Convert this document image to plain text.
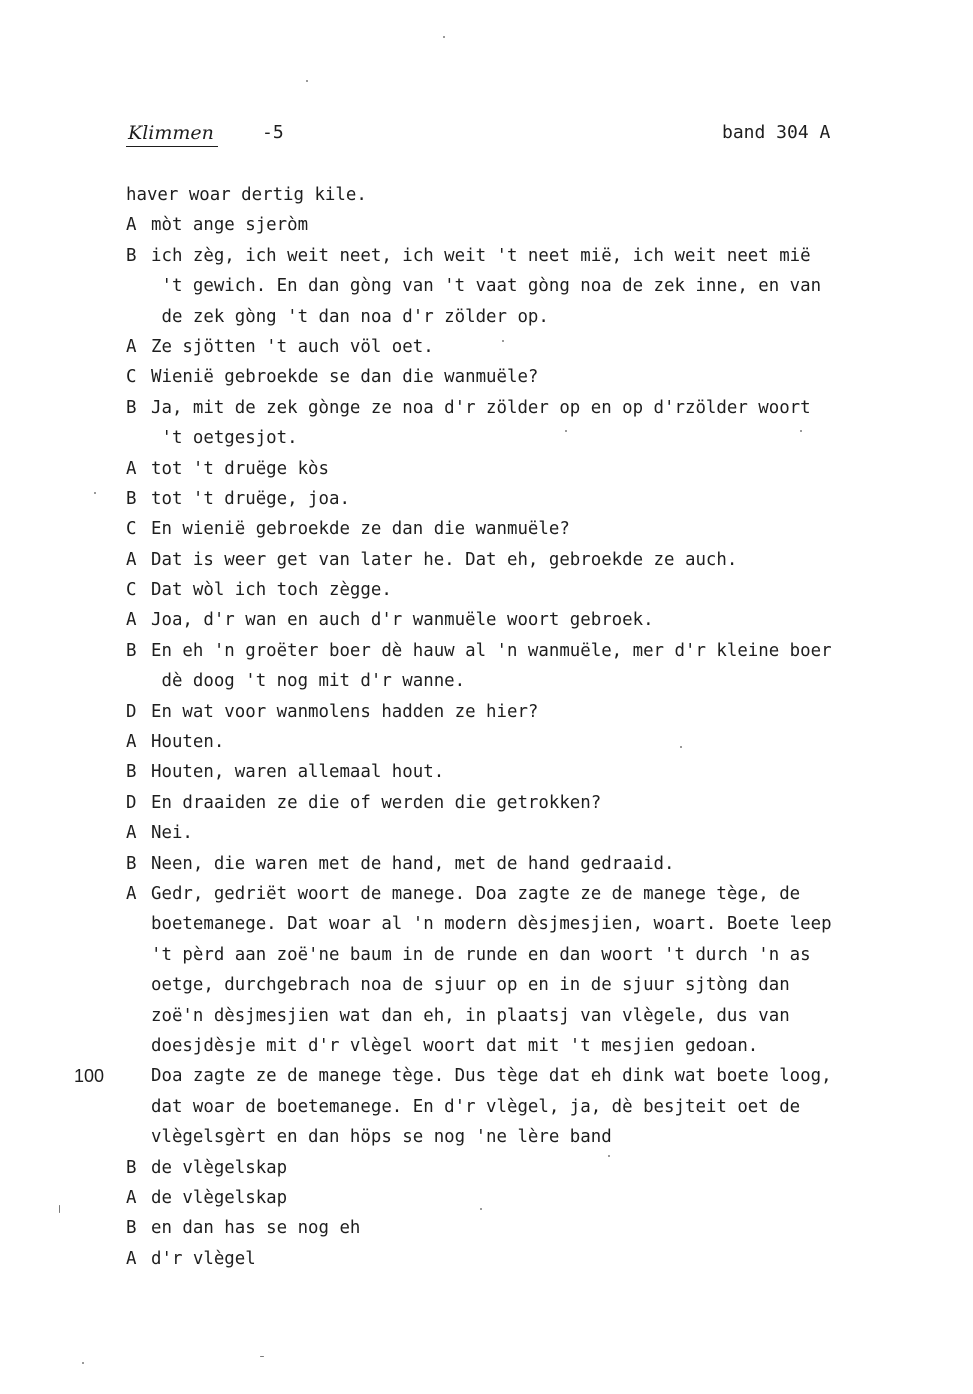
Klimmen	-5	band 304 A
haver woar dertig kile.
A mòt ange sjeròm
B ich zèg, ich weit neet, ich weit 't neet mië, ich weit neet mië
't gewich. En dan gòng van 't vaat gòng noa de zek inne, en van
de zek gòng 't dan noa d'r zölder op.
A Ze sjötten 't auch völ oet.
C Wienië gebroekde se dan die wanmuële?
B Ja, mit de zek gònge ze noa d'r zölder op en op d'rzölder woort
't oetgesjot.
A tot 't druëge kòs
B tot 't druëge, joa.
C En wienië gebroekde ze dan die wanmuële?
A Dat is weer get van later he. Dat eh, gebroekde ze auch.
C Dat wòl ich toch zègge.
A Joa, d'r wan en auch d'r wanmuële woort gebroek.
B En eh 'n groëter boer dè hauw al 'n wanmuële, mer d'r kleine boer
dè doog 't nog mit d'r wanne.
D En wat voor wanmolens hadden ze hier?
A Houten.
B Houten, waren allemaal hout.
D En draaiden ze die of werden die getrokken?
A Nei.
B Neen, die waren met de hand, met de hand gedraaid.
A Gedr, gedriët woort de manege. Doa zagte ze de manege tège, de
boetemanege. Dat woar al 'n modern dèsjmesjien, woart. Boete leep
't pèrd aan zoë'ne baum in de runde en dan woort 't durch 'n as
oetge, durchgebrach noa de sjuur op en in de sjuur sjtòng dan
zoë'n dèsjmesjien wat dan eh, in plaatsj van vlègele, dus van
doesjdèsje mit d'r vlègel woort dat mit 't mesjien gedoan.
100	Doa zagte ze de manege tège. Dus tège dat eh dink wat boete loog,
dat woar de boetemanege. En d'r vlègel, ja, dè besjteit oet de
vlègelsgèrt en dan höps se nog 'ne lère band
B de vlègelskap
A de vlègelskap
B en dan has se nog eh
A d'r vlègel
